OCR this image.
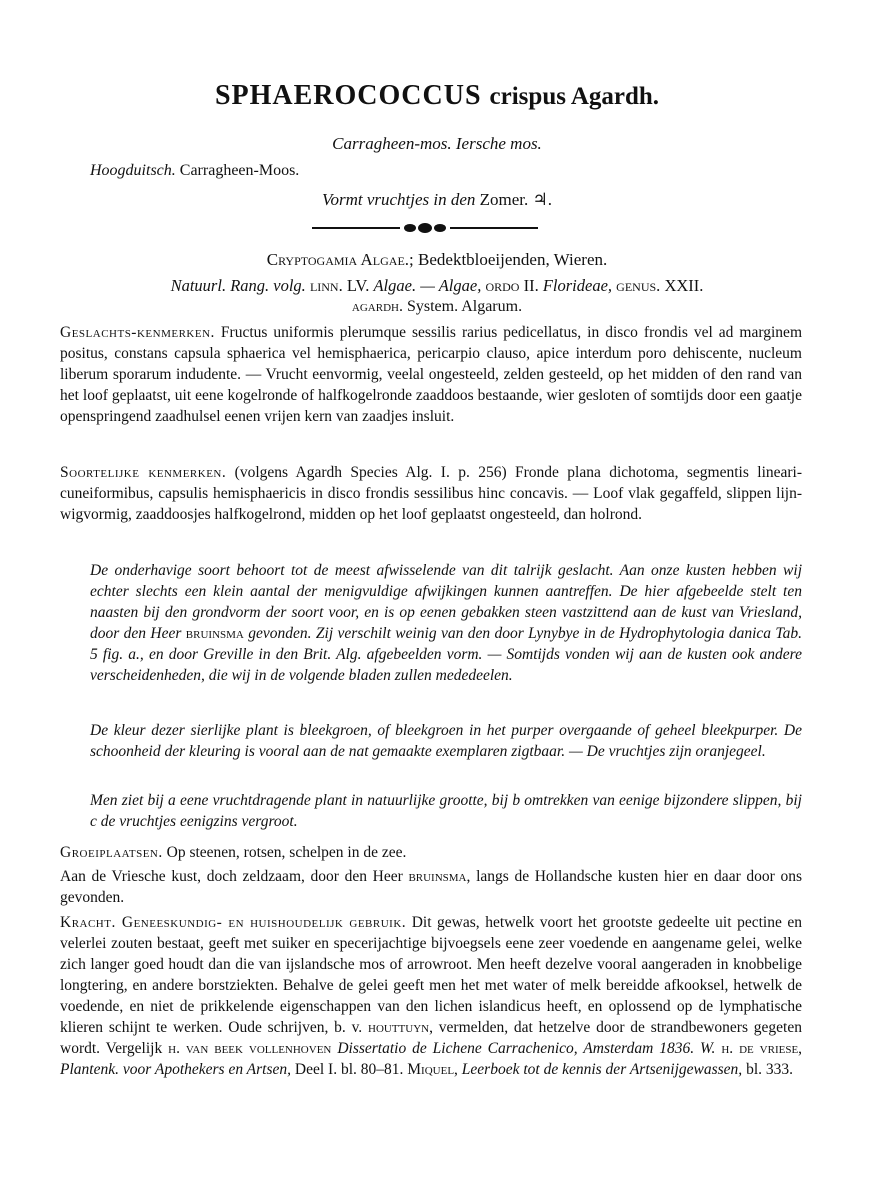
SPHAEROCOCCUS crispus Agardh.
Carragheen-mos. Iersche mos.
Hoogduitsch. Carragheen-Moos.
Vormt vruchtjes in den Zomer. ♃.
Cryptogamia Algae.; Bedektbloeijenden, Wieren.
Natuurl. Rang. volg. linn. LV. Algae. — Algae, ordo II. Florideae, genus. XXII.
agardh. System. Algarum.
Geslachts-kenmerken. Fructus uniformis plerumque sessilis rarius pedicellatus, in disco frondis vel ad marginem positus, constans capsula sphaerica vel hemisphaerica, pericarpio clauso, apice interdum poro dehiscente, nucleum liberum sporarum indudente. — Vrucht eenvormig, veelal ongesteeld, zelden gesteeld, op het midden of den rand van het loof geplaatst, uit eene kogelronde of halfkogelronde zaaddoos bestaande, wier gesloten of somtijds door een gaatje openspringend zaadhulsel eenen vrijen kern van zaadjes insluit.
Soortelijke kenmerken. (volgens Agardh Species Alg. I. p. 256) Fronde plana dichotoma, segmentis lineari-cuneiformibus, capsulis hemisphaericis in disco frondis sessilibus hinc concavis. — Loof vlak gegaffeld, slippen lijn-wigvormig, zaaddoosjes halfkogelrond, midden op het loof geplaatst ongesteeld, dan holrond.
De onderhavige soort behoort tot de meest afwisselende van dit talrijk geslacht. Aan onze kusten hebben wij echter slechts een klein aantal der menigvuldige afwijkingen kunnen aantreffen. De hier afgebeelde stelt ten naasten bij den grondvorm der soort voor, en is op eenen gebakken steen vastzittend aan de kust van Vriesland, door den Heer bruinsma gevonden. Zij verschilt weinig van den door Lynybye in de Hydrophytologia danica Tab. 5 fig. a., en door Greville in den Brit. Alg. afgebeelden vorm. — Somtijds vonden wij aan de kusten ook andere verscheidenheden, die wij in de volgende bladen zullen mededeelen.
De kleur dezer sierlijke plant is bleekgroen, of bleekgroen in het purper overgaande of geheel bleekpurper. De schoonheid der kleuring is vooral aan de nat gemaakte exemplaren zigtbaar. — De vruchtjes zijn oranjegeel.
Men ziet bij a eene vruchtdragende plant in natuurlijke grootte, bij b omtrekken van eenige bijzondere slippen, bij c de vruchtjes eenigzins vergroot.
Groeiplaatsen. Op steenen, rotsen, schelpen in de zee.
Aan de Vriesche kust, doch zeldzaam, door den Heer bruinsma, langs de Hollandsche kusten hier en daar door ons gevonden.
Kracht. Geneeskundig- en huishoudelijk gebruik. Dit gewas, hetwelk voort het grootste gedeelte uit pectine en velerlei zouten bestaat, geeft met suiker en specerijachtige bijvoegsels eene zeer voedende en aangename gelei, welke zich langer goed houdt dan die van ijslandsche mos of arrowroot. Men heeft dezelve vooral aangeraden in knobbelige longtering, en andere borstziekten. Behalve de gelei geeft men het met water of melk bereidde afkooksel, hetwelk de voedende, en niet de prikkelende eigenschappen van den lichen islandicus heeft, en oplossend op de lymphatische klieren schijnt te werken. Oude schrijven, b. v. houttuyn, vermelden, dat hetzelve door de strandbewoners gegeten wordt. Vergelijk h. van beek vollenhoven Dissertatio de Lichene Carrachenico, Amsterdam 1836. W. h. de vriese, Plantenk. voor Apothekers en Artsen, Deel I. bl. 80–81. Miquel, Leerboek tot de kennis der Artsenijgewassen, bl. 333.
